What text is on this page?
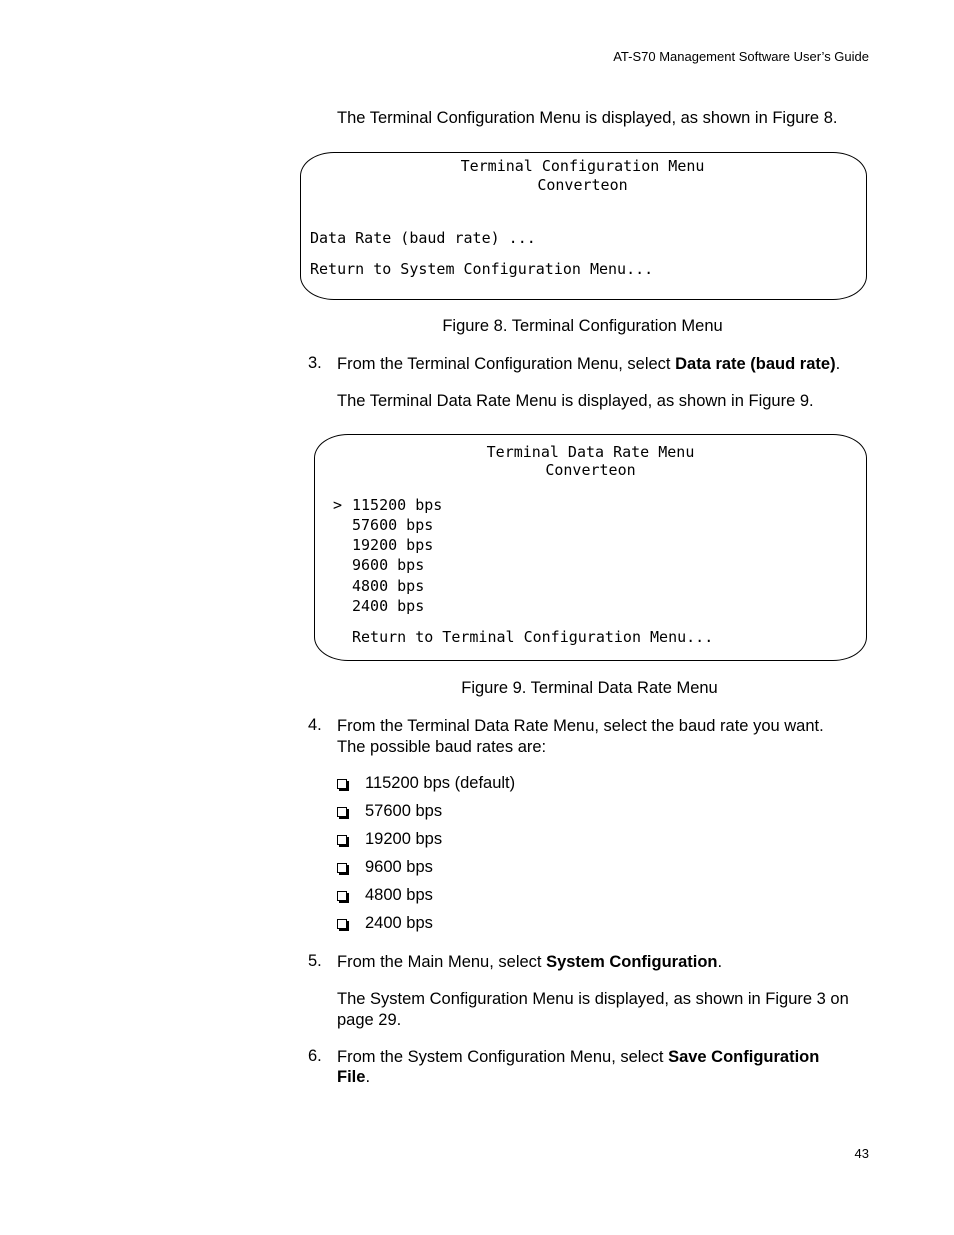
AT-S70 Management Software User’s Guide
The Terminal Configuration Menu is displayed, as shown in Figure 8.
Terminal Configuration Menu
Converteon
Data Rate (baud rate) ...
Return to System Configuration Menu...
Figure 8. Terminal Configuration Menu
3. From the Terminal Configuration Menu, select Data rate (baud rate).
The Terminal Data Rate Menu is displayed, as shown in Figure 9.
Terminal Data Rate Menu
Converteon
> 115200 bps
57600 bps
19200 bps
9600 bps
4800 bps
2400 bps
Return to Terminal Configuration Menu...
Figure 9. Terminal Data Rate Menu
4. From the Terminal Data Rate Menu, select the baud rate you want.
The possible baud rates are:
115200 bps (default)
57600 bps
19200 bps
9600 bps
4800 bps
2400 bps
5. From the Main Menu, select System Configuration.
The System Configuration Menu is displayed, as shown in Figure 3 on
page 29.
6. From the System Configuration Menu, select Save Configuration
File.
43
